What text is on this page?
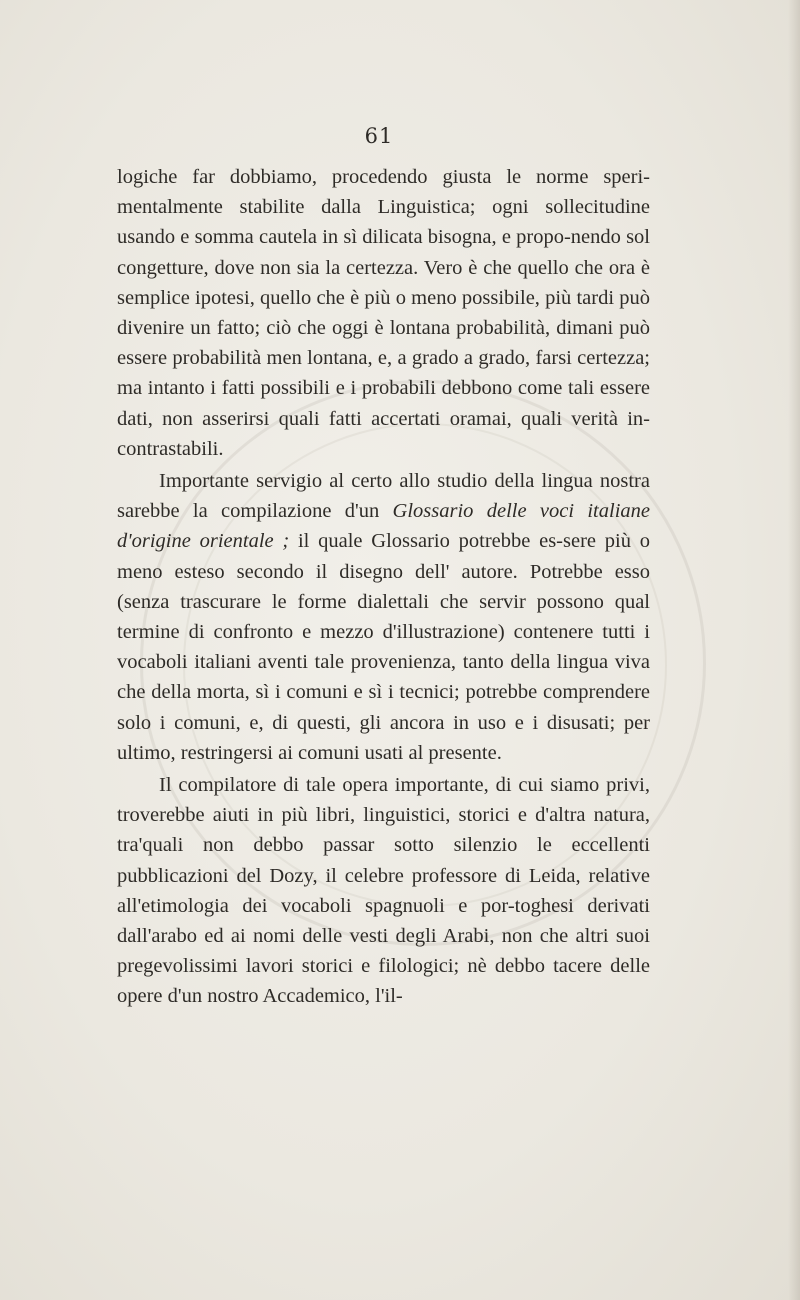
61

logiche far dobbiamo, procedendo giusta le norme speri-mentalmente stabilite dalla Linguistica; ogni sollecitudine usando e somma cautela in sì dilicata bisogna, e propo-nendo sol congetture, dove non sia la certezza. Vero è che quello che ora è semplice ipotesi, quello che è più o meno possibile, più tardi può divenire un fatto; ciò che oggi è lontana probabilità, dimani può essere probabilità men lontana, e, a grado a grado, farsi certezza; ma intanto i fatti possibili e i probabili debbono come tali essere dati, non asserirsi quali fatti accertati oramai, quali verità in-contrastabili.

Importante servigio al certo allo studio della lingua nostra sarebbe la compilazione d'un Glossario delle voci italiane d'origine orientale ; il quale Glossario potrebbe es-sere più o meno esteso secondo il disegno dell' autore. Potrebbe esso (senza trascurare le forme dialettali che servir possono qual termine di confronto e mezzo d'illustrazione) contenere tutti i vocaboli italiani aventi tale provenienza, tanto della lingua viva che della morta, sì i comuni e sì i tecnici; potrebbe comprendere solo i comuni, e, di questi, gli ancora in uso e i disusati; per ultimo, restringersi ai comuni usati al presente.

Il compilatore di tale opera importante, di cui siamo privi, troverebbe aiuti in più libri, linguistici, storici e d'altra natura, tra'quali non debbo passar sotto silenzio le eccellenti pubblicazioni del Dozy, il celebre professore di Leida, relative all'etimologia dei vocaboli spagnuoli e por-toghesi derivati dall'arabo ed ai nomi delle vesti degli Arabi, non che altri suoi pregevolissimi lavori storici e filologici; nè debbo tacere delle opere d'un nostro Accademico, l'il-
